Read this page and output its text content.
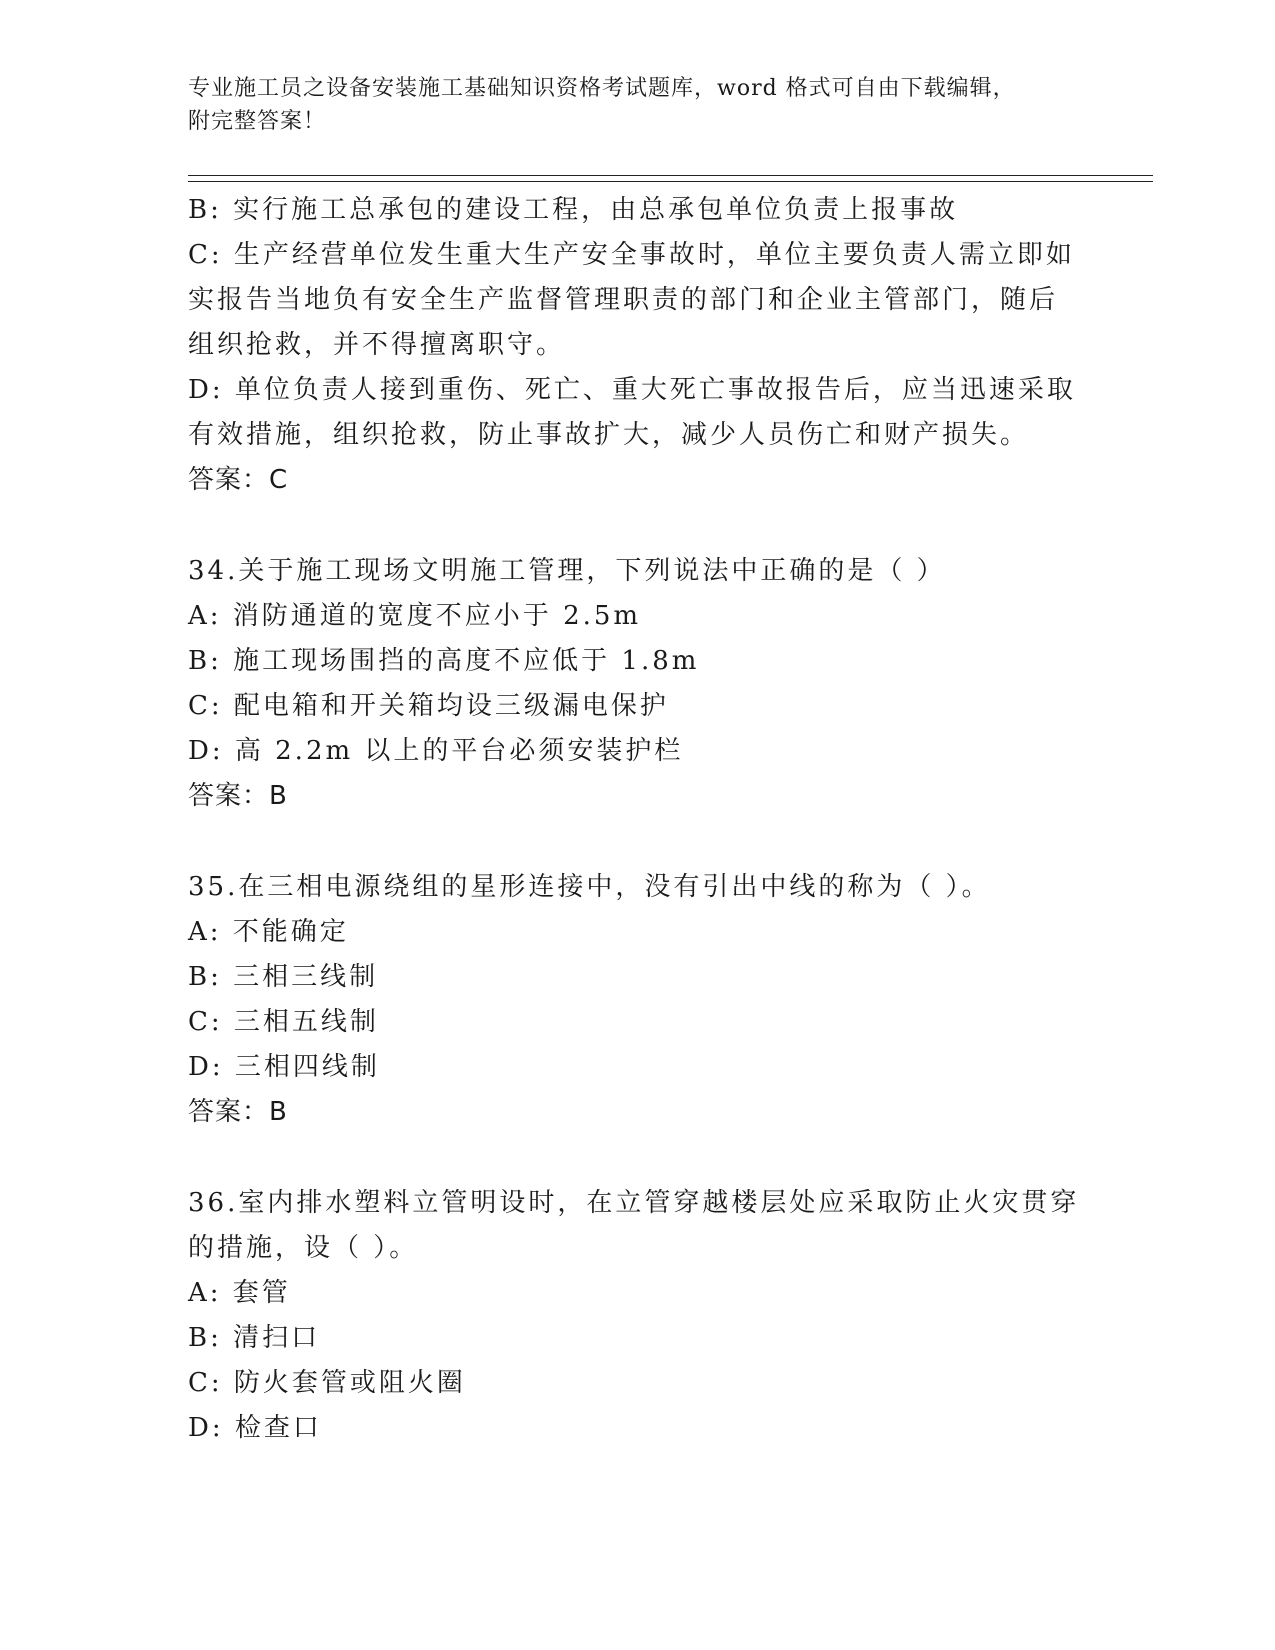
专业施工员之设备安装施工基础知识资格考试题库，word 格式可自由下载编辑，
附完整答案！
B: 实行施工总承包的建设工程，由总承包单位负责上报事故
C: 生产经营单位发生重大生产安全事故时，单位主要负责人需立即如
实报告当地负有安全生产监督管理职责的部门和企业主管部门，随后
组织抢救，并不得擅离职守。
D: 单位负责人接到重伤、死亡、重大死亡事故报告后，应当迅速采取
有效措施，组织抢救，防止事故扩大，减少人员伤亡和财产损失。
答案：C
34.关于施工现场文明施工管理，下列说法中正确的是（ ）
A: 消防通道的宽度不应小于 2.5m
B: 施工现场围挡的高度不应低于 1.8m
C: 配电箱和开关箱均设三级漏电保护
D: 高 2.2m 以上的平台必须安装护栏
答案：B
35.在三相电源绕组的星形连接中，没有引出中线的称为（ ）。
A: 不能确定
B: 三相三线制
C: 三相五线制
D: 三相四线制
答案：B
36.室内排水塑料立管明设时，在立管穿越楼层处应采取防止火灾贯穿
的措施，设（ ）。
A: 套管
B: 清扫口
C: 防火套管或阻火圈
D: 检查口
